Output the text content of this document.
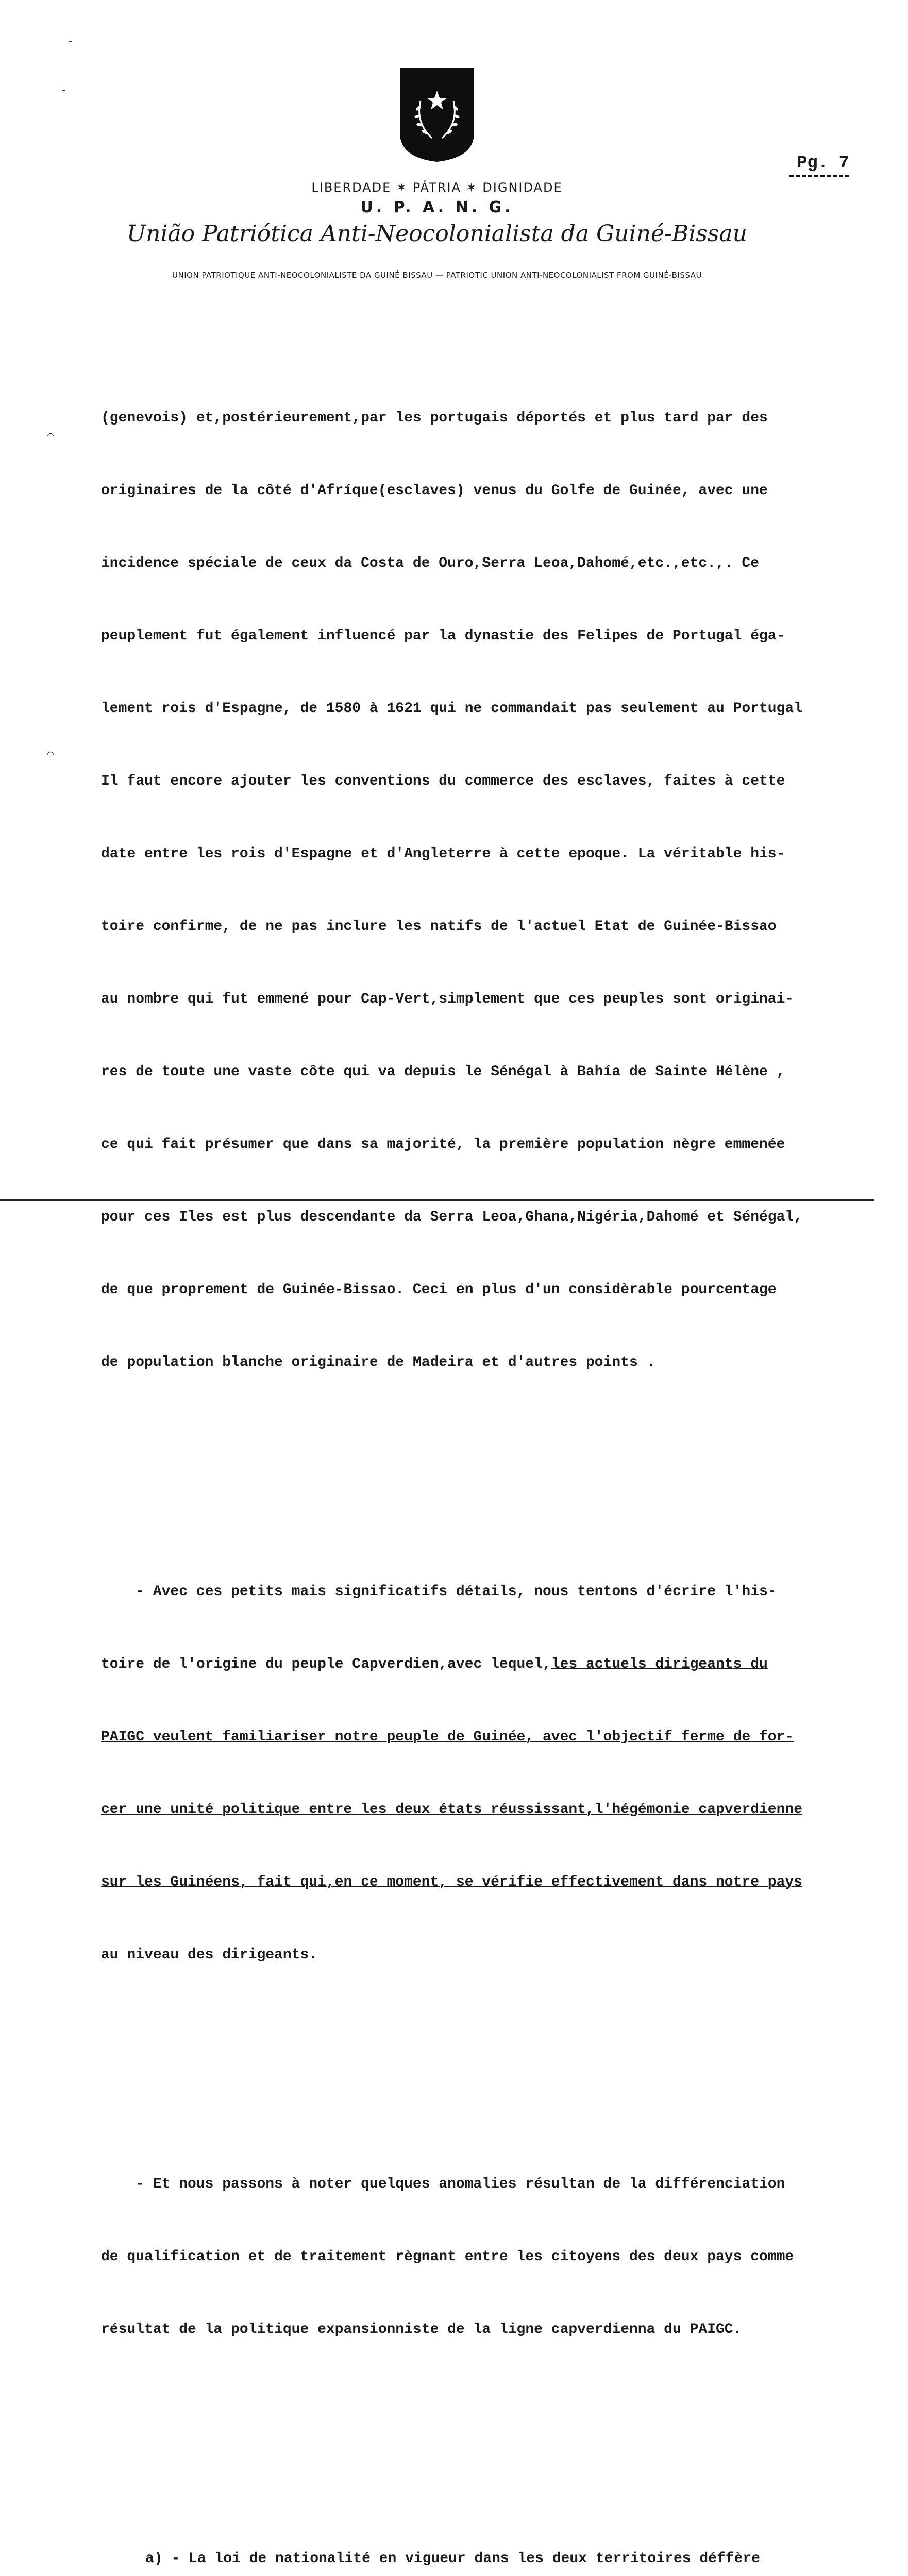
Pg. 7
LIBERDADE ✶ PÁTRIA ✶ DIGNIDADE
U. P. A. N. G.
União Patriótica Anti-Neocolonialista da Guiné-Bissau
UNION PATRIOTIQUE ANTI-NEOCOLONIALISTE DA GUINÉ BISSAU — PATRIOTIC UNION ANTI-NEOCOLONIALIST FROM GUINÉ-BISSAU
-
-
⌒
⌒

(genevois) et,postérieurement,par les portugais déportés et plus tard par des

originaires de la côté d'Afríque(esclaves) venus du Golfe de Guinée, avec une

incidence spéciale de ceux da Costa de Ouro,Serra Leoa,Dahomé,etc.,etc.,. Ce

peuplement fut également influencé par la dynastie des Felipes de Portugal éga-

lement rois d'Espagne, de 1580 à 1621 qui ne commandait pas seulement au Portugal

Il faut encore ajouter les conventions du commerce des esclaves, faites à cette

date entre les rois d'Espagne et d'Angleterre à cette epoque. La véritable his-

toire confirme, de ne pas inclure les natifs de l'actuel Etat de Guinée-Bissao

au nombre qui fut emmené pour Cap-Vert,simplement que ces peuples sont originai-

res de toute une vaste côte qui va depuis le Sénégal à Bahía de Sainte Hélène ,

ce qui fait présumer que dans sa majorité, la première population nègre emmenée

pour ces Iles est plus descendante da Serra Leoa,Ghana,Nigéria,Dahomé et Sénégal,

de que proprement de Guinée-Bissao. Ceci en plus d'un considèrable pourcentage

de population blanche originaire de Madeira et d'autres points .

- Avec ces petits mais significatifs détails, nous tentons d'écrire l'his-

toire de l'origine du peuple Capverdien,avec lequel,les actuels dirigeants du

PAIGC veulent familiariser notre peuple de Guinée, avec l'objectif ferme de for-

cer une unité politique entre les deux états réussissant,l'hégémonie capverdienne

sur les Guinéens, fait qui,en ce moment, se vérifie effectivement dans notre pays

au niveau des dirigeants.

- Et nous passons à noter quelques anomalies résultan de la différenciation

de qualification et de traitement règnant entre les citoyens des deux pays comme

résultat de la politique expansionniste de la ligne capverdienna du PAIGC.

a) - La loi de nationalité en vigueur dans les deux territoires déffère
